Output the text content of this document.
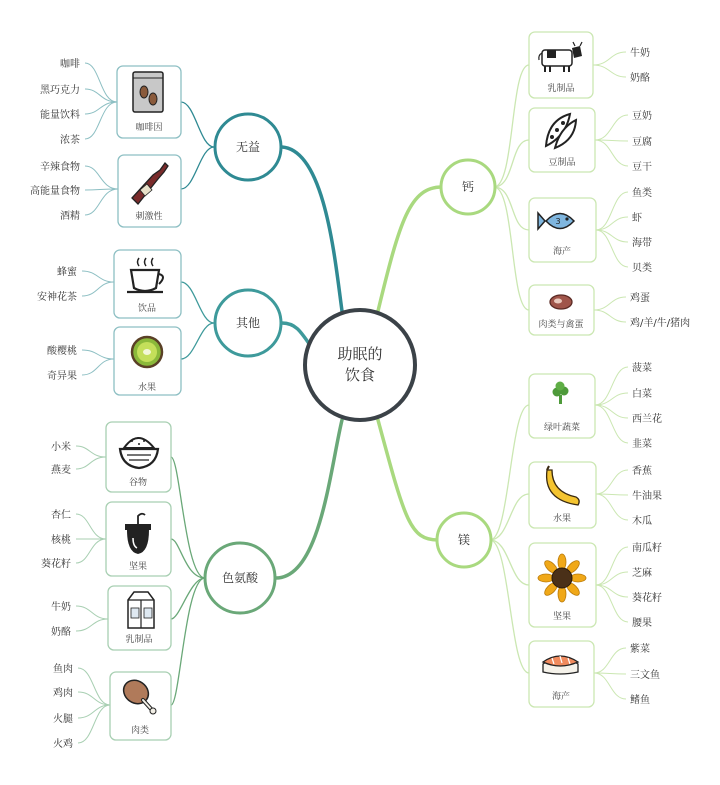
助眠的
饮食
无益
其他
色氨酸
钙
镁
咖啡因
咖啡
黑巧克力
能量饮料
浓茶
刺激性
辛辣食物
高能量食物
酒精
饮品
蜂蜜
安神花茶
水果
酸樱桃
奇异果
谷物
小米
燕麦
坚果
杏仁
核桃
葵花籽
乳制品
牛奶
奶酪
肉类
鱼肉
鸡肉
火腿
火鸡
乳制品
牛奶
奶酪
豆制品
豆奶
豆腐
豆干
3
海产
鱼类
虾
海带
贝类
肉类与禽蛋
鸡蛋
鸡/羊/牛/猪肉
绿叶蔬菜
菠菜
白菜
西兰花
韭菜
水果
香蕉
牛油果
木瓜
坚果
南瓜籽
芝麻
葵花籽
腰果
海产
紫菜
三文鱼
鳍鱼
